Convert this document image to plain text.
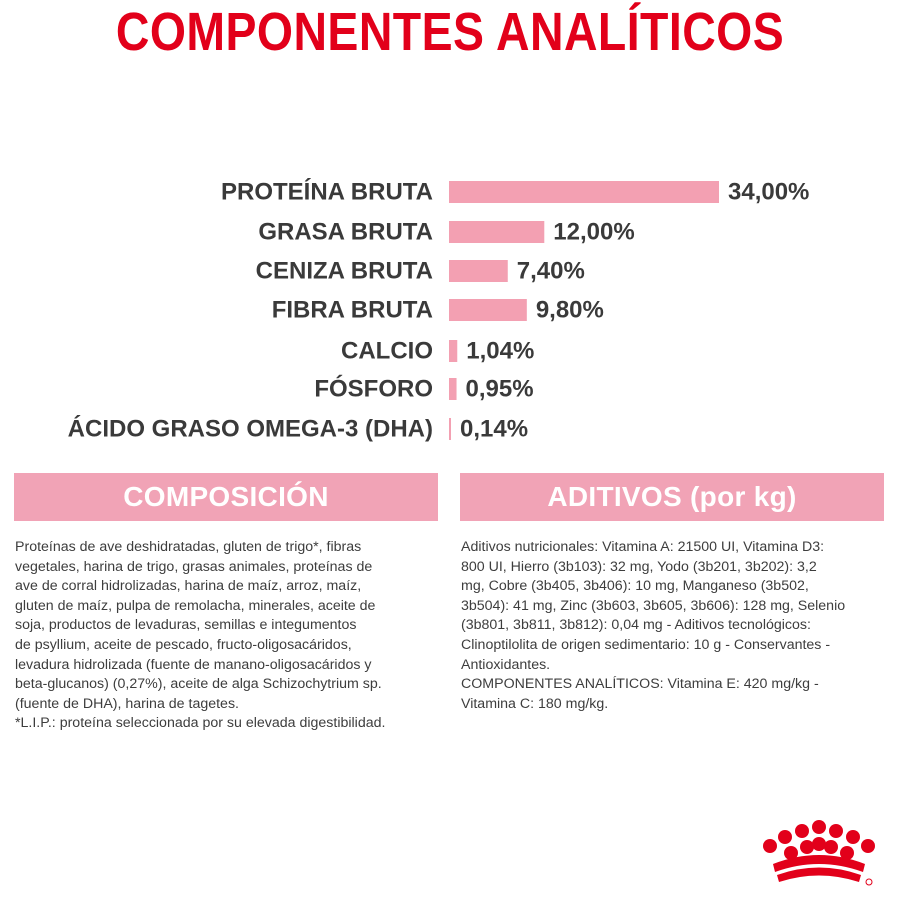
COMPONENTES ANALÍTICOS
PROTEÍNA BRUTA	34,00%
GRASA BRUTA	12,00%
CENIZA BRUTA	7,40%
FIBRA BRUTA	9,80%
CALCIO 1,04%
FÓSFORO 0,95%
ÁCIDO GRASO OMEGA-3 (DHA) 0,14%
COMPOSICIÓN	ADITIVOS (por kg)
Proteínas de ave deshidratadas, gluten de trigo*, fibras
vegetales, harina de trigo, grasas animales, proteínas de
ave de corral hidrolizadas, harina de maíz, arroz, maíz,
gluten de maíz, pulpa de remolacha, minerales, aceite de
soja, productos de levaduras, semillas e integumentos
de psyllium, aceite de pescado, fructo-oligosacáridos,
levadura hidrolizada (fuente de manano-oligosacáridos y
beta-glucanos) (0,27%), aceite de alga Schizochytrium sp.
(fuente de DHA), harina de tagetes.
*L.I.P.: proteína seleccionada por su elevada digestibilidad.
Aditivos nutricionales: Vitamina A: 21500 UI, Vitamina D3:
800 UI, Hierro (3b103): 32 mg, Yodo (3b201, 3b202): 3,2
mg, Cobre (3b405, 3b406): 10 mg, Manganeso (3b502,
3b504): 41 mg, Zinc (3b603, 3b605, 3b606): 128 mg, Selenio
(3b801, 3b811, 3b812): 0,04 mg - Aditivos tecnológicos:
Clinoptilolita de origen sedimentario: 10 g - Conservantes -
Antioxidantes.
COMPONENTES ANALÍTICOS: Vitamina E: 420 mg/kg -
Vitamina C: 180 mg/kg.
